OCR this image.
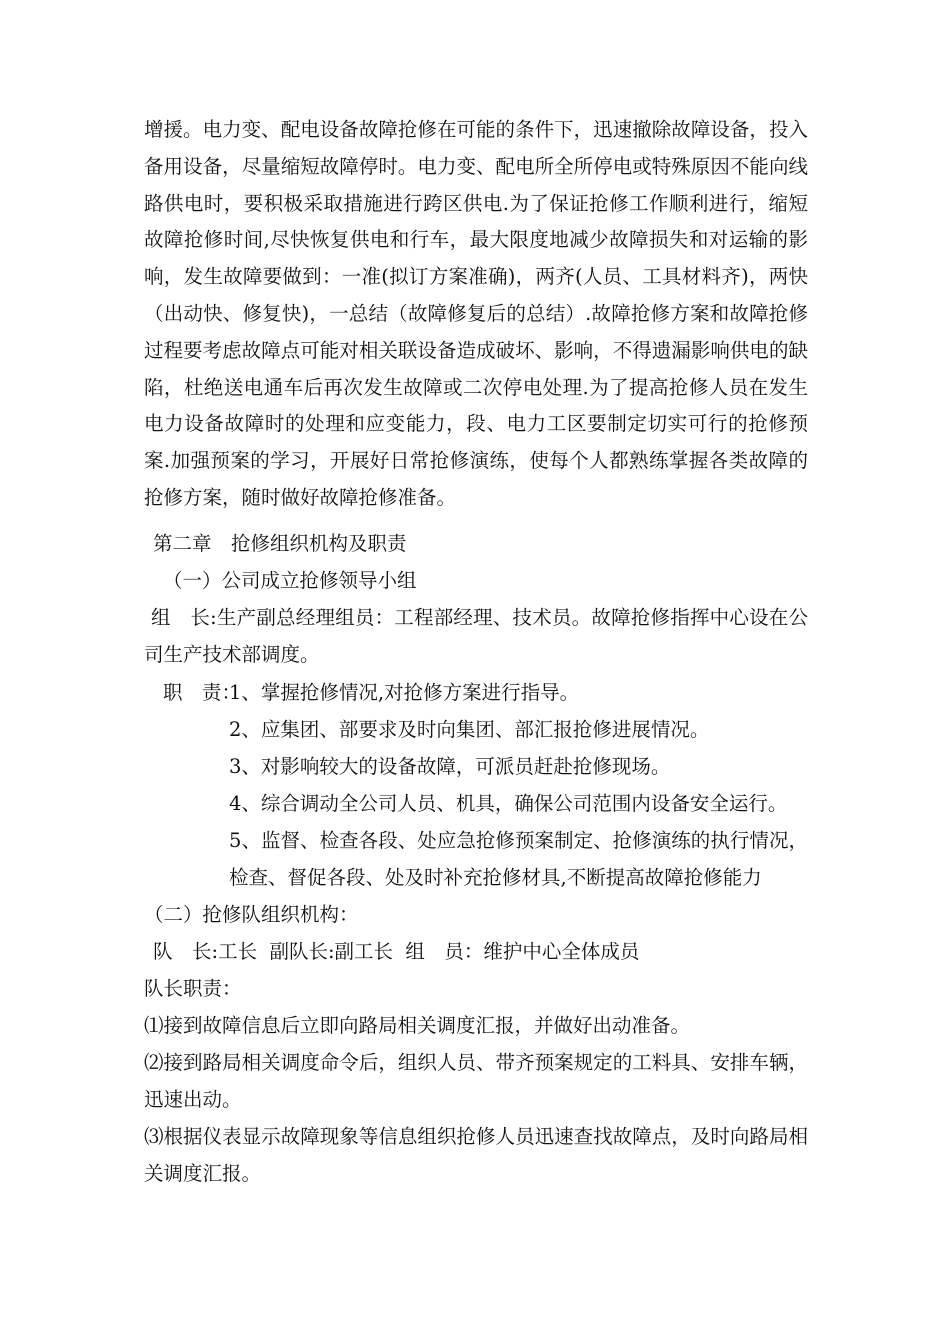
增援。电力变、配电设备故障抢修在可能的条件下，迅速撤除故障设备，投入备用设备，尽量缩短故障停时。电力变、配电所全所停电或特殊原因不能向线路供电时，要积极采取措施进行跨区供电.为了保证抢修工作顺利进行，缩短故障抢修时间,尽快恢复供电和行车，最大限度地减少故障损失和对运输的影响，发生故障要做到：一准(拟订方案准确)，两齐(人员、工具材料齐)，两快（出动快、修复快)，一总结（故障修复后的总结）.故障抢修方案和故障抢修过程要考虑故障点可能对相关联设备造成破坏、影响，不得遗漏影响供电的缺陷，杜绝送电通车后再次发生故障或二次停电处理.为了提高抢修人员在发生电力设备故障时的处理和应变能力，段、电力工区要制定切实可行的抢修预案.加强预案的学习，开展好日常抢修演练，使每个人都熟练掌握各类故障的抢修方案，随时做好故障抢修准备。

第二章　抢修组织机构及职责

（一）公司成立抢修领导小组

组　长:生产副总经理组员：工程部经理、技术员。故障抢修指挥中心设在公司生产技术部调度。

职　责：

1、掌握抢修情况,对抢修方案进行指导。

2、应集团、部要求及时向集团、部汇报抢修进展情况。

3、对影响较大的设备故障，可派员赶赴抢修现场。

4、综合调动全公司人员、机具，确保公司范围内设备安全运行。

5、监督、检查各段、处应急抢修预案制定、抢修演练的执行情况，检查、督促各段、处及时补充抢修材具,不断提高故障抢修能力

（二）抢修队组织机构：

队　长:工长  副队长:副工长  组　员：维护中心全体成员

队长职责：

⑴接到故障信息后立即向路局相关调度汇报，并做好出动准备。

⑵接到路局相关调度命令后，组织人员、带齐预案规定的工料具、安排车辆，迅速出动。

⑶根据仪表显示故障现象等信息组织抢修人员迅速查找故障点，及时向路局相关调度汇报。
